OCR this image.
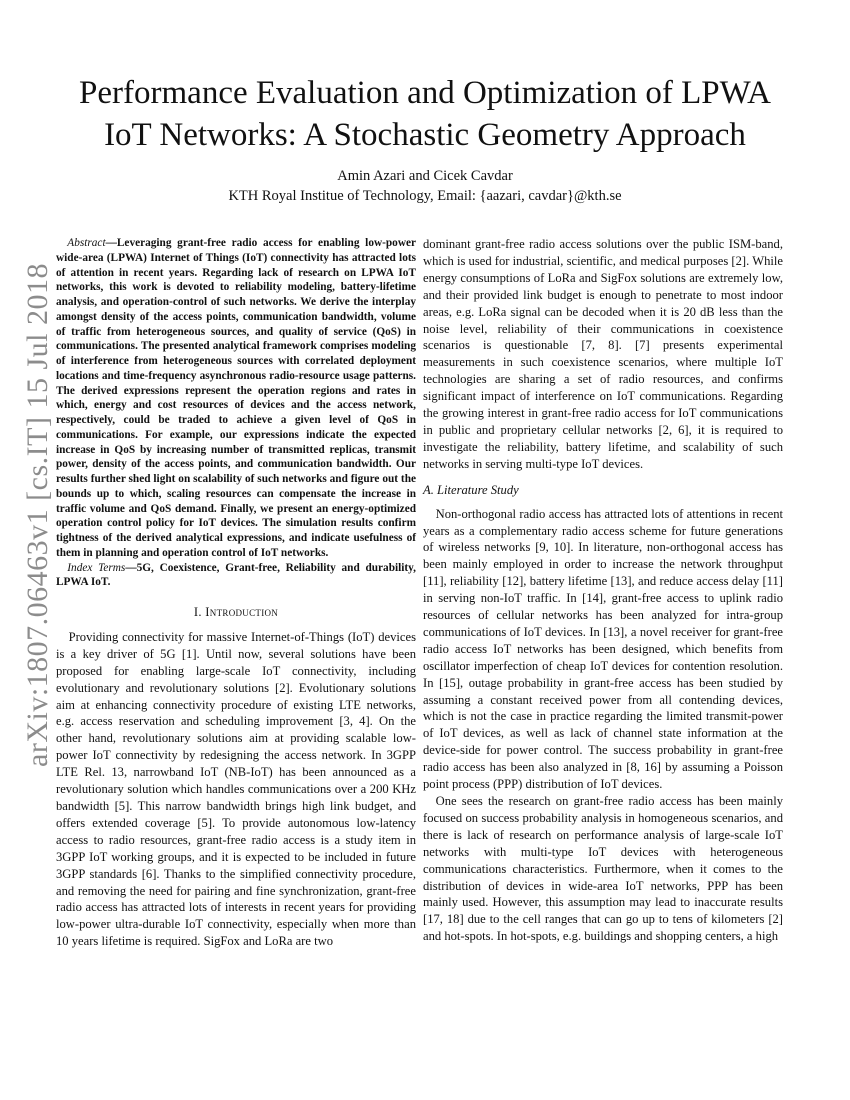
arXiv:1807.06463v1 [cs.IT] 15 Jul 2018
Performance Evaluation and Optimization of LPWA
IoT Networks: A Stochastic Geometry Approach
Amin Azari and Cicek Cavdar
KTH Royal Institue of Technology, Email: {aazari, cavdar}@kth.se

Abstract—Leveraging grant-free radio access for enabling low-power wide-area (LPWA) Internet of Things (IoT) connectivity has attracted lots of attention in recent years. Regarding lack of research on LPWA IoT networks, this work is devoted to reliability modeling, battery-lifetime analysis, and operation-control of such networks. We derive the interplay amongst density of the access points, communication bandwidth, volume of traffic from heterogeneous sources, and quality of service (QoS) in communications. The presented analytical framework comprises modeling of interference from heterogeneous sources with correlated deployment locations and time-frequency asynchronous radio-resource usage patterns. The derived expressions represent the operation regions and rates in which, energy and cost resources of devices and the access network, respectively, could be traded to achieve a given level of QoS in communications. For example, our expressions indicate the expected increase in QoS by increasing number of transmitted replicas, transmit power, density of the access points, and communication bandwidth. Our results further shed light on scalability of such networks and figure out the bounds up to which, scaling resources can compensate the increase in traffic volume and QoS demand. Finally, we present an energy-optimized operation control policy for IoT devices. The simulation results confirm tightness of the derived analytical expressions, and indicate usefulness of them in planning and operation control of IoT networks.

Index Terms—5G, Coexistence, Grant-free, Reliability and durability, LPWA IoT.

I. Introduction

Providing connectivity for massive Internet-of-Things (IoT) devices is a key driver of 5G [1]. Until now, several solutions have been proposed for enabling large-scale IoT connectivity, including evolutionary and revolutionary solutions [2]. Evolutionary solutions aim at enhancing connectivity procedure of existing LTE networks, e.g. access reservation and scheduling improvement [3, 4]. On the other hand, revolutionary solutions aim at providing scalable low-power IoT connectivity by redesigning the access network. In 3GPP LTE Rel. 13, narrowband IoT (NB-IoT) has been announced as a revolutionary solution which handles communications over a 200 KHz bandwidth [5]. This narrow bandwidth brings high link budget, and offers extended coverage [5]. To provide autonomous low-latency access to radio resources, grant-free radio access is a study item in 3GPP IoT working groups, and it is expected to be included in future 3GPP standards [6]. Thanks to the simplified connectivity procedure, and removing the need for pairing and fine synchronization, grant-free radio access has attracted lots of interests in recent years for providing low-power ultra-durable IoT connectivity, especially when more than 10 years lifetime is required. SigFox and LoRa are two

dominant grant-free radio access solutions over the public ISM-band, which is used for industrial, scientific, and medical purposes [2]. While energy consumptions of LoRa and SigFox solutions are extremely low, and their provided link budget is enough to penetrate to most indoor areas, e.g. LoRa signal can be decoded when it is 20 dB less than the noise level, reliability of their communications in coexistence scenarios is questionable [7, 8]. [7] presents experimental measurements in such coexistence scenarios, where multiple IoT technologies are sharing a set of radio resources, and confirms significant impact of interference on IoT communications. Regarding the growing interest in grant-free radio access for IoT communications in public and proprietary cellular networks [2, 6], it is required to investigate the reliability, battery lifetime, and scalability of such networks in serving multi-type IoT devices.

A. Literature Study

Non-orthogonal radio access has attracted lots of attentions in recent years as a complementary radio access scheme for future generations of wireless networks [9, 10]. In literature, non-orthogonal access has been mainly employed in order to increase the network throughput [11], reliability [12], battery lifetime [13], and reduce access delay [11] in serving non-IoT traffic. In [14], grant-free access to uplink radio resources of cellular networks has been analyzed for intra-group communications of IoT devices. In [13], a novel receiver for grant-free radio access IoT networks has been designed, which benefits from oscillator imperfection of cheap IoT devices for contention resolution. In [15], outage probability in grant-free access has been studied by assuming a constant received power from all contending devices, which is not the case in practice regarding the limited transmit-power of IoT devices, as well as lack of channel state information at the device-side for power control. The success probability in grant-free radio access has been also analyzed in [8, 16] by assuming a Poisson point process (PPP) distribution of IoT devices.

One sees the research on grant-free radio access has been mainly focused on success probability analysis in homogeneous scenarios, and there is lack of research on performance analysis of large-scale IoT networks with multi-type IoT devices with heterogeneous communications characteristics. Furthermore, when it comes to the distribution of devices in wide-area IoT networks, PPP has been mainly used. However, this assumption may lead to inaccurate results [17, 18] due to the cell ranges that can go up to tens of kilometers [2] and hot-spots. In hot-spots, e.g. buildings and shopping centers, a high
